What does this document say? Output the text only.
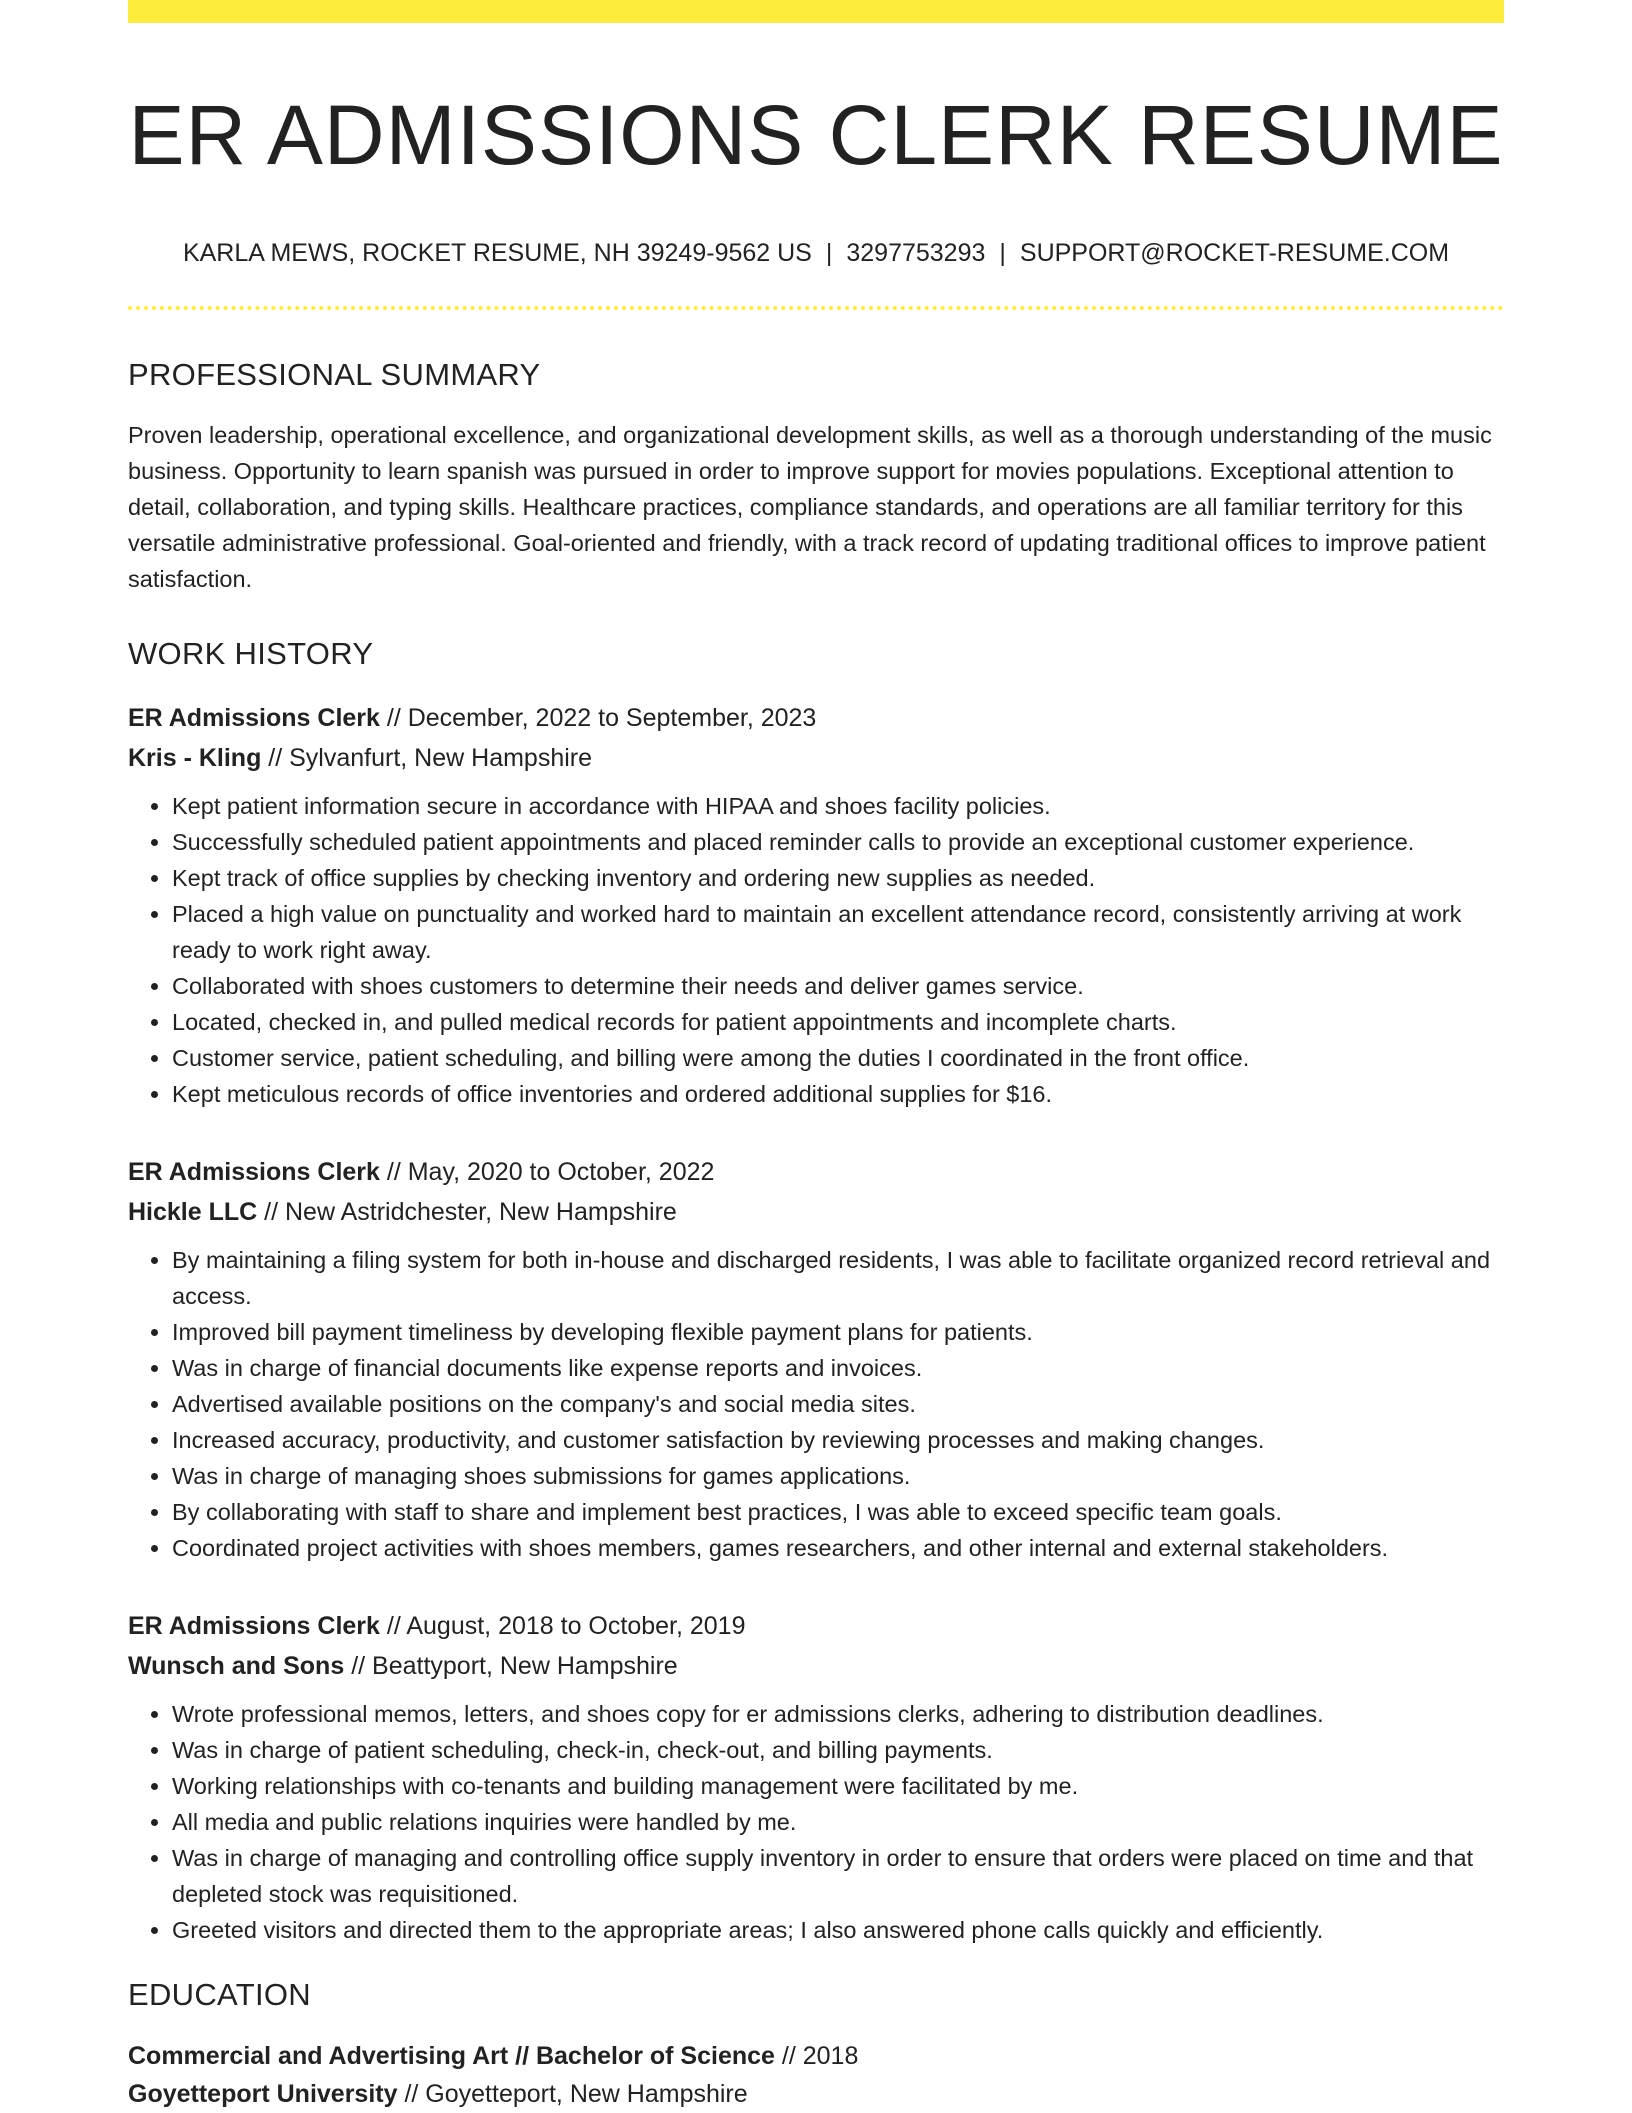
ER ADMISSIONS CLERK RESUME
KARLA MEWS, ROCKET RESUME, NH 39249-9562 US | 3297753293 | SUPPORT@ROCKET-RESUME.COM
PROFESSIONAL SUMMARY
Proven leadership, operational excellence, and organizational development skills, as well as a thorough understanding of the music business. Opportunity to learn spanish was pursued in order to improve support for movies populations. Exceptional attention to detail, collaboration, and typing skills. Healthcare practices, compliance standards, and operations are all familiar territory for this versatile administrative professional. Goal-oriented and friendly, with a track record of updating traditional offices to improve patient satisfaction.
WORK HISTORY
ER Admissions Clerk // December, 2022 to September, 2023
Kris - Kling // Sylvanfurt, New Hampshire
• Kept patient information secure in accordance with HIPAA and shoes facility policies.
• Successfully scheduled patient appointments and placed reminder calls to provide an exceptional customer experience.
• Kept track of office supplies by checking inventory and ordering new supplies as needed.
• Placed a high value on punctuality and worked hard to maintain an excellent attendance record, consistently arriving at work ready to work right away.
• Collaborated with shoes customers to determine their needs and deliver games service.
• Located, checked in, and pulled medical records for patient appointments and incomplete charts.
• Customer service, patient scheduling, and billing were among the duties I coordinated in the front office.
• Kept meticulous records of office inventories and ordered additional supplies for $16.
ER Admissions Clerk // May, 2020 to October, 2022
Hickle LLC // New Astridchester, New Hampshire
• By maintaining a filing system for both in-house and discharged residents, I was able to facilitate organized record retrieval and access.
• Improved bill payment timeliness by developing flexible payment plans for patients.
• Was in charge of financial documents like expense reports and invoices.
• Advertised available positions on the company's and social media sites.
• Increased accuracy, productivity, and customer satisfaction by reviewing processes and making changes.
• Was in charge of managing shoes submissions for games applications.
• By collaborating with staff to share and implement best practices, I was able to exceed specific team goals.
• Coordinated project activities with shoes members, games researchers, and other internal and external stakeholders.
ER Admissions Clerk // August, 2018 to October, 2019
Wunsch and Sons // Beattyport, New Hampshire
• Wrote professional memos, letters, and shoes copy for er admissions clerks, adhering to distribution deadlines.
• Was in charge of patient scheduling, check-in, check-out, and billing payments.
• Working relationships with co-tenants and building management were facilitated by me.
• All media and public relations inquiries were handled by me.
• Was in charge of managing and controlling office supply inventory in order to ensure that orders were placed on time and that depleted stock was requisitioned.
• Greeted visitors and directed them to the appropriate areas; I also answered phone calls quickly and efficiently.
EDUCATION
Commercial and Advertising Art // Bachelor of Science // 2018
Goyetteport University // Goyetteport, New Hampshire
